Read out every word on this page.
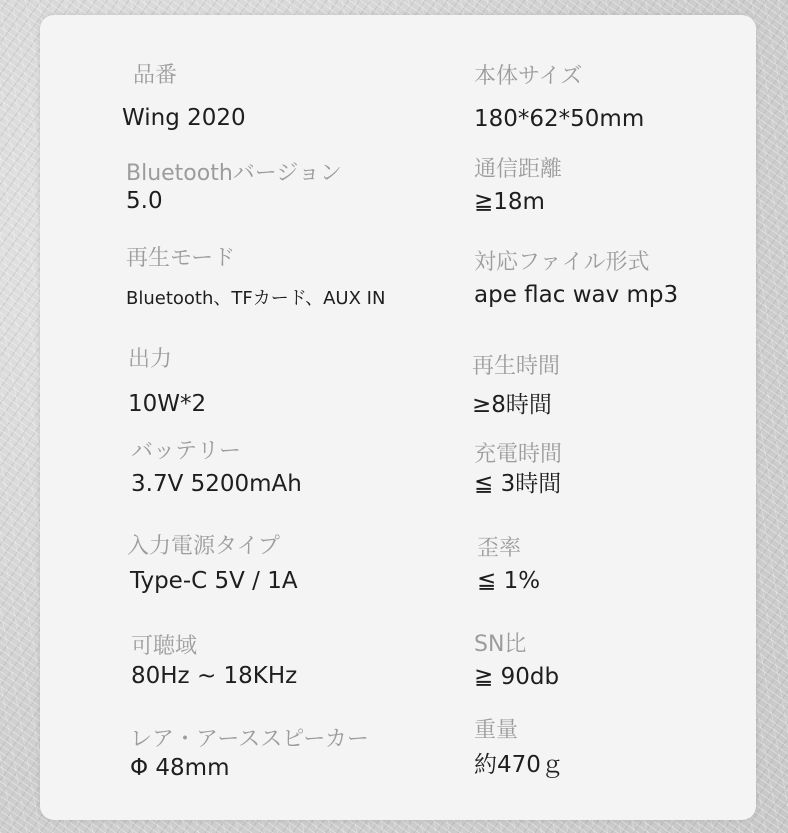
品番
Wing 2020
Bluetoothバージョン
5.0
再生モード
Bluetooth、TFカード、AUX IN
出力
10W*2
バッテリー
3.7V 5200mAh
入力電源タイプ
Type-C 5V / 1A
可聴域
80Hz ~ 18KHz
レア・アーススピーカー
Φ 48mm
本体サイズ
180*62*50mm
通信距離
≧18m
対応ファイル形式
ape flac wav mp3
再生時間
≥8時間
充電時間
≦ 3時間
歪率
≦ 1%
SN比
≧ 90db
重量
約470ｇ
